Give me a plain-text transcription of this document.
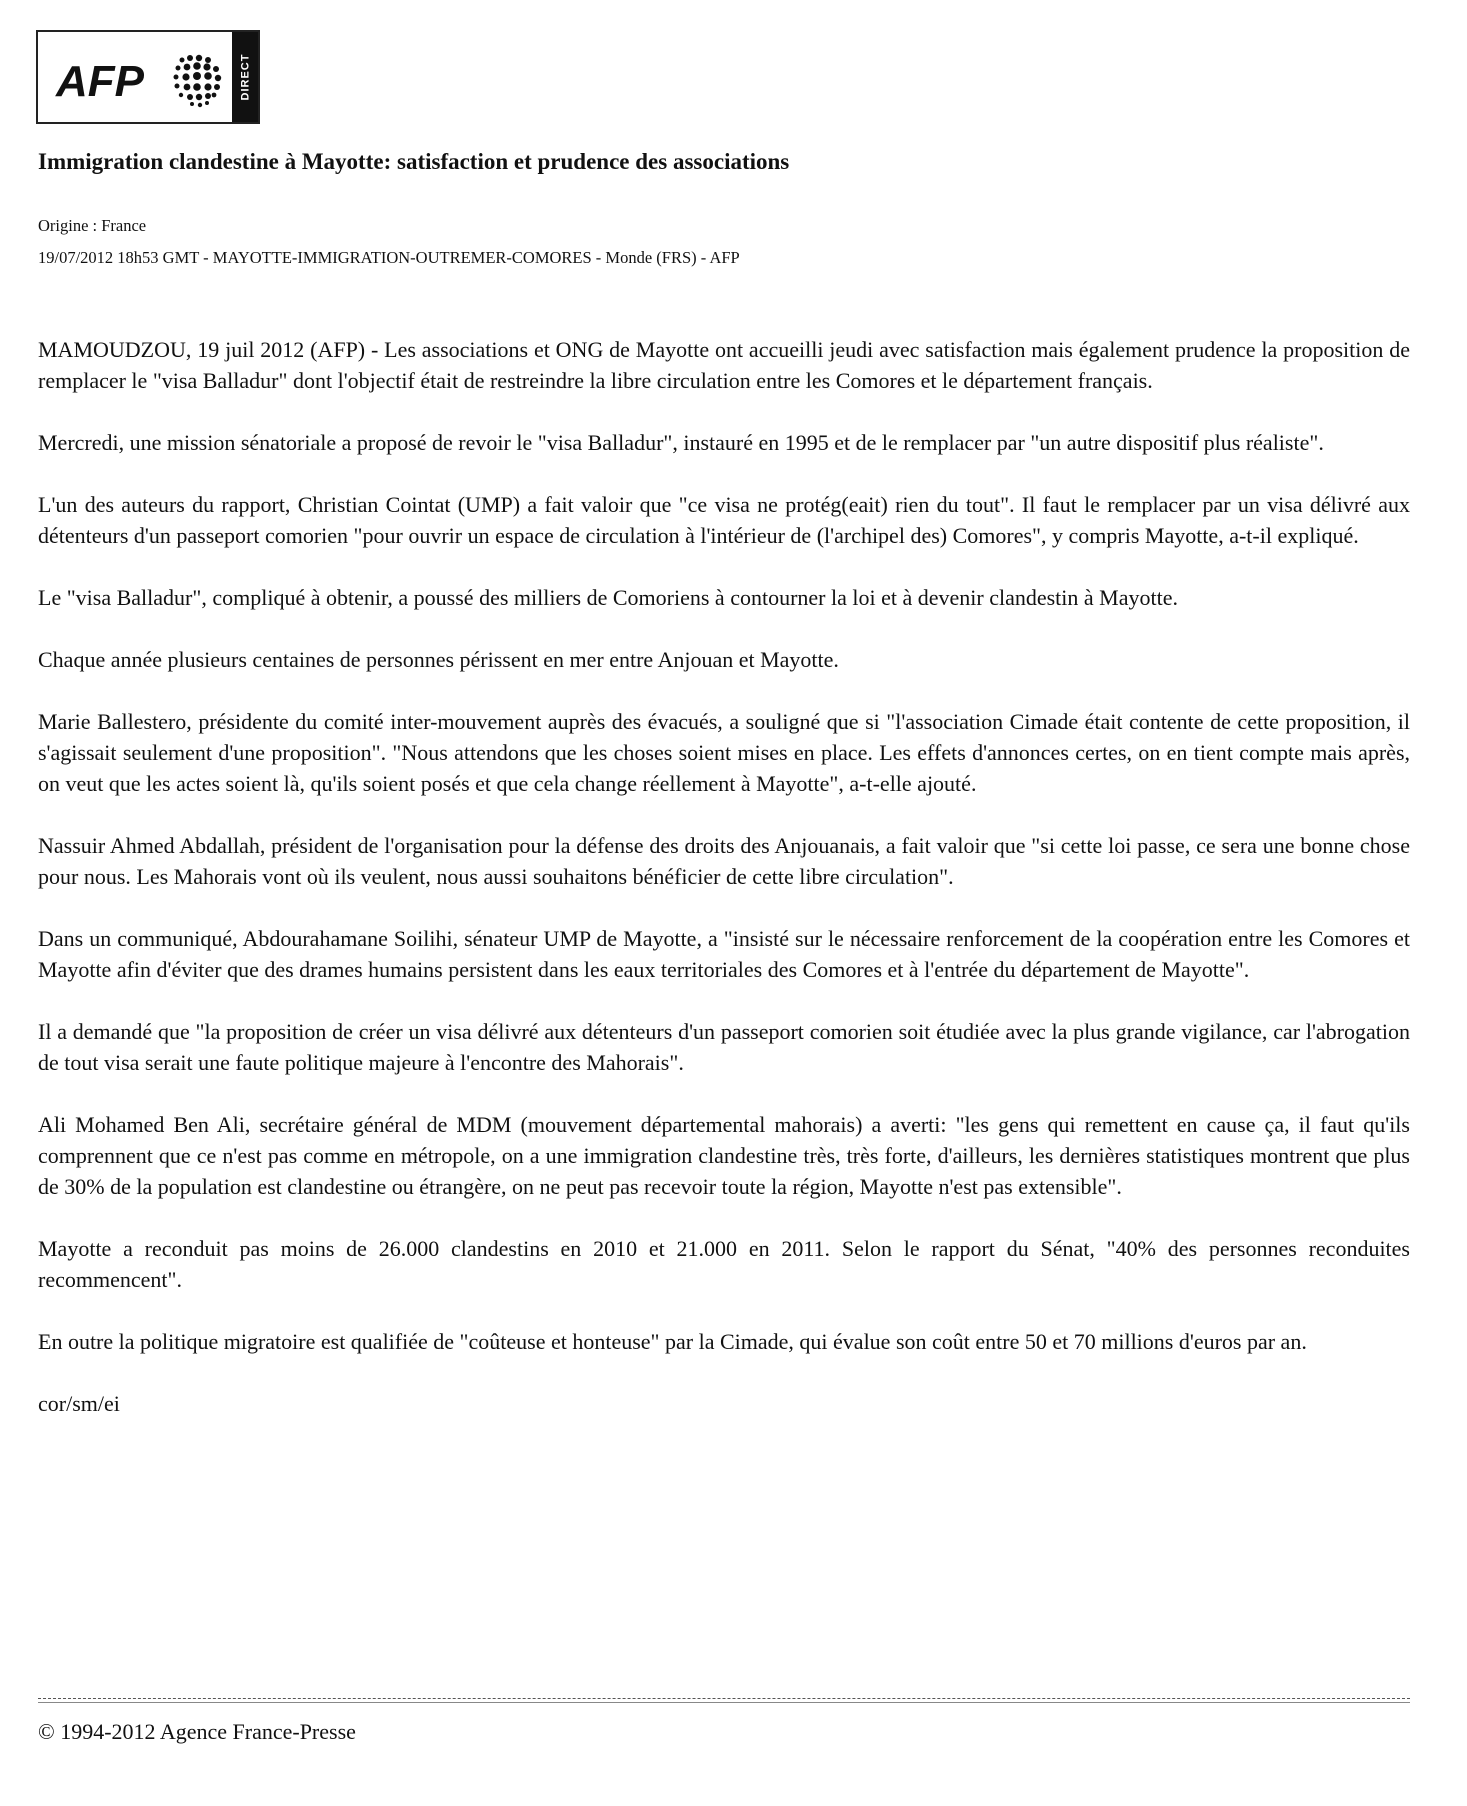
AFP	DIRECT
Immigration clandestine à Mayotte: satisfaction et prudence des associations
Origine : France
19/07/2012 18h53 GMT - MAYOTTE-IMMIGRATION-OUTREMER-COMORES - Monde (FRS) - AFP

MAMOUDZOU, 19 juil 2012 (AFP) - Les associations et ONG de Mayotte ont accueilli jeudi avec satisfaction mais également prudence la proposition de remplacer le "visa Balladur" dont l'objectif était de restreindre la libre circulation entre les Comores et le département français.

Mercredi, une mission sénatoriale a proposé de revoir le "visa Balladur", instauré en 1995 et de le remplacer par "un autre dispositif plus réaliste".

L'un des auteurs du rapport, Christian Cointat (UMP) a fait valoir que "ce visa ne protég(eait) rien du tout". Il faut le remplacer par un visa délivré aux détenteurs d'un passeport comorien "pour ouvrir un espace de circulation à l'intérieur de (l'archipel des) Comores", y compris Mayotte, a-t-il expliqué.

Le "visa Balladur", compliqué à obtenir, a poussé des milliers de Comoriens à contourner la loi et à devenir clandestin à Mayotte.

Chaque année plusieurs centaines de personnes périssent en mer entre Anjouan et Mayotte.

Marie Ballestero, présidente du comité inter-mouvement auprès des évacués, a souligné que si "l'association Cimade était contente de cette proposition, il s'agissait seulement d'une proposition". "Nous attendons que les choses soient mises en place. Les effets d'annonces certes, on en tient compte mais après, on veut que les actes soient là, qu'ils soient posés et que cela change réellement à Mayotte", a-t-elle ajouté.

Nassuir Ahmed Abdallah, président de l'organisation pour la défense des droits des Anjouanais, a fait valoir que "si cette loi passe, ce sera une bonne chose pour nous. Les Mahorais vont où ils veulent, nous aussi souhaitons bénéficier de cette libre circulation".

Dans un communiqué, Abdourahamane Soilihi, sénateur UMP de Mayotte, a "insisté sur le nécessaire renforcement de la coopération entre les Comores et Mayotte afin d'éviter que des drames humains persistent dans les eaux territoriales des Comores et à l'entrée du département de Mayotte".

Il a demandé que "la proposition de créer un visa délivré aux détenteurs d'un passeport comorien soit étudiée avec la plus grande vigilance, car l'abrogation de tout visa serait une faute politique majeure à l'encontre des Mahorais".

Ali Mohamed Ben Ali, secrétaire général de MDM (mouvement départemental mahorais) a averti: "les gens qui remettent en cause ça, il faut qu'ils comprennent que ce n'est pas comme en métropole, on a une immigration clandestine très, très forte, d'ailleurs, les dernières statistiques montrent que plus de 30% de la population est clandestine ou étrangère, on ne peut pas recevoir toute la région, Mayotte n'est pas extensible".

Mayotte a reconduit pas moins de 26.000 clandestins en 2010 et 21.000 en 2011. Selon le rapport du Sénat, "40% des personnes reconduites recommencent".

En outre la politique migratoire est qualifiée de "coûteuse et honteuse" par la Cimade, qui évalue son coût entre 50 et 70 millions d'euros par an.

cor/sm/ei

© 1994-2012 Agence France-Presse
